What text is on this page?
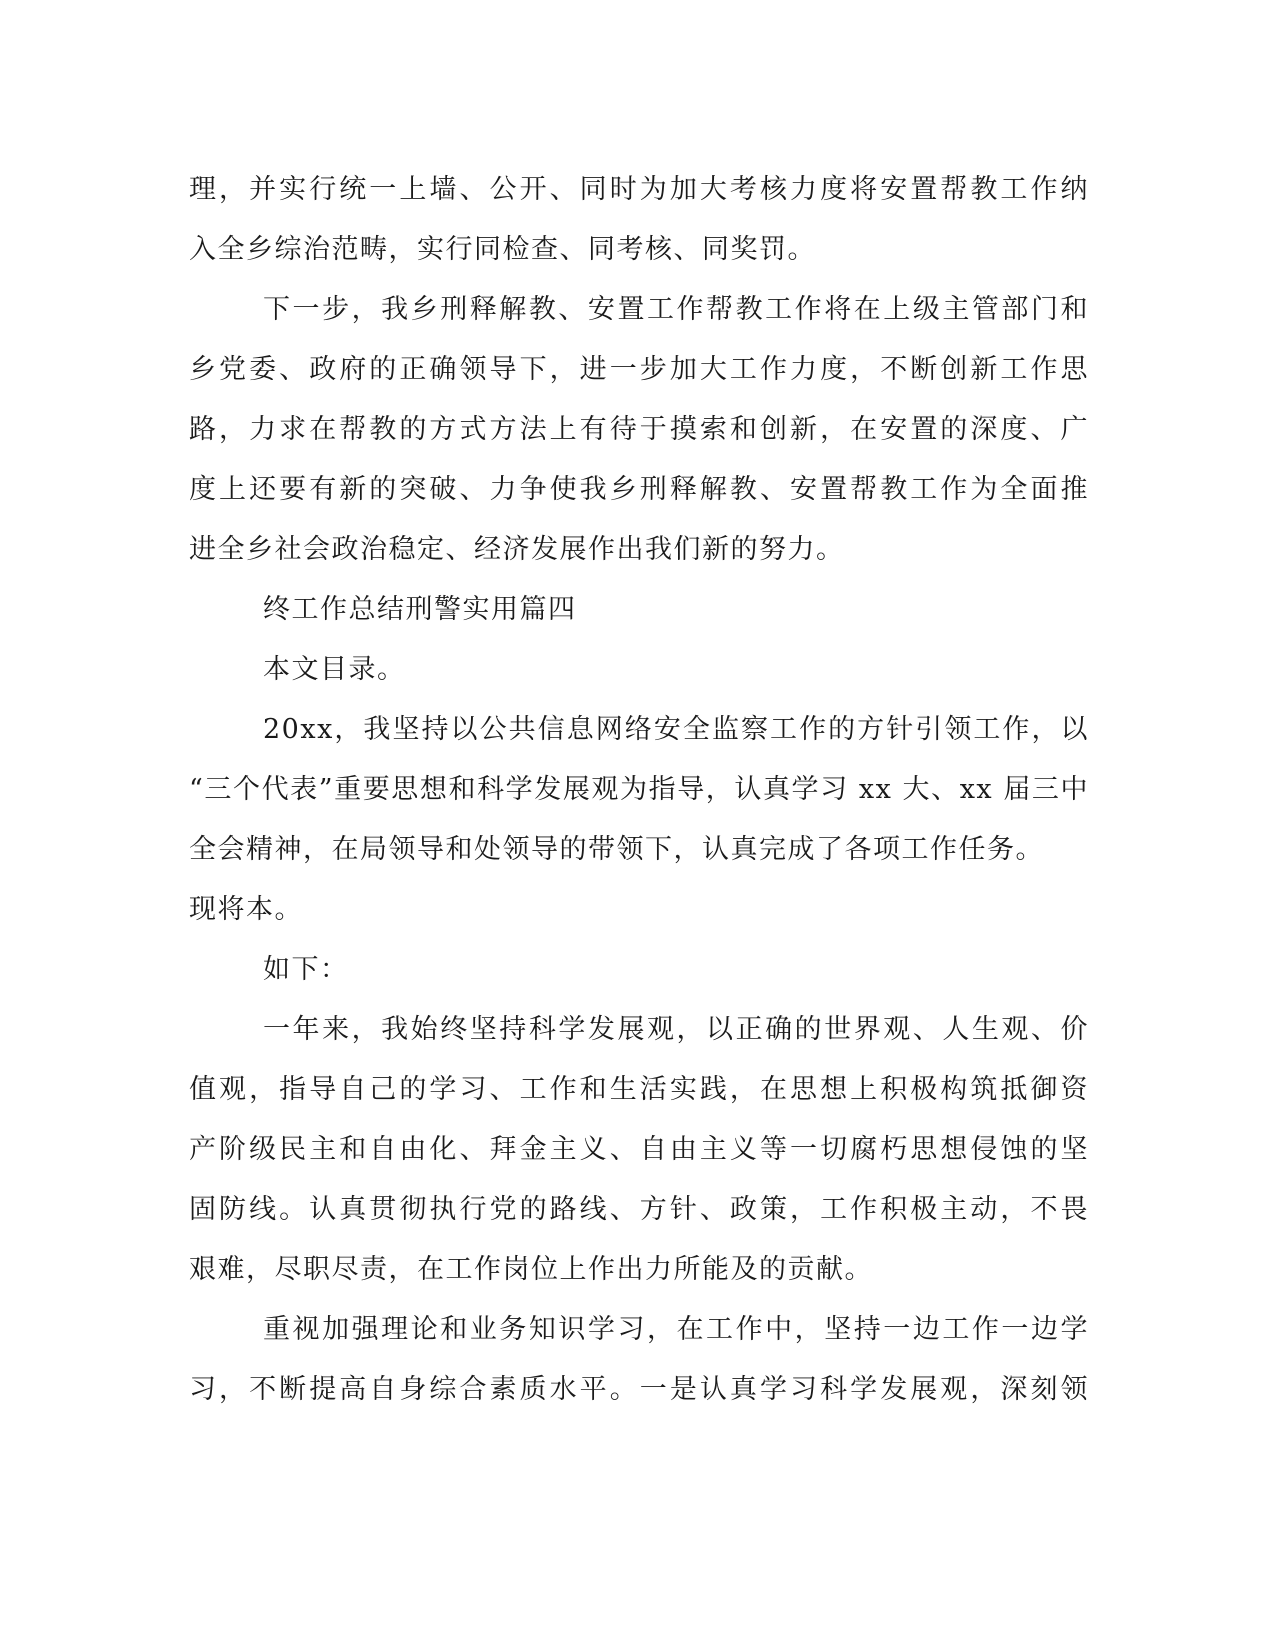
理，并实行统一上墙、公开、同时为加大考核力度将安置帮教工作纳
入全乡综治范畴，实行同检查、同考核、同奖罚。
下一步，我乡刑释解教、安置工作帮教工作将在上级主管部门和
乡党委、政府的正确领导下，进一步加大工作力度，不断创新工作思
路，力求在帮教的方式方法上有待于摸索和创新，在安置的深度、广
度上还要有新的突破、力争使我乡刑释解教、安置帮教工作为全面推
进全乡社会政治稳定、经济发展作出我们新的努力。
终工作总结刑警实用篇四
本文目录。
20xx，我坚持以公共信息网络安全监察工作的方针引领工作，以
“三个代表”重要思想和科学发展观为指导，认真学习 xx 大、xx 届三中
全会精神，在局领导和处领导的带领下，认真完成了各项工作任务。
现将本。
如下：
一年来，我始终坚持科学发展观，以正确的世界观、人生观、价
值观，指导自己的学习、工作和生活实践，在思想上积极构筑抵御资
产阶级民主和自由化、拜金主义、自由主义等一切腐朽思想侵蚀的坚
固防线。认真贯彻执行党的路线、方针、政策，工作积极主动，不畏
艰难，尽职尽责，在工作岗位上作出力所能及的贡献。
重视加强理论和业务知识学习，在工作中，坚持一边工作一边学
习，不断提高自身综合素质水平。一是认真学习科学发展观，深刻领
